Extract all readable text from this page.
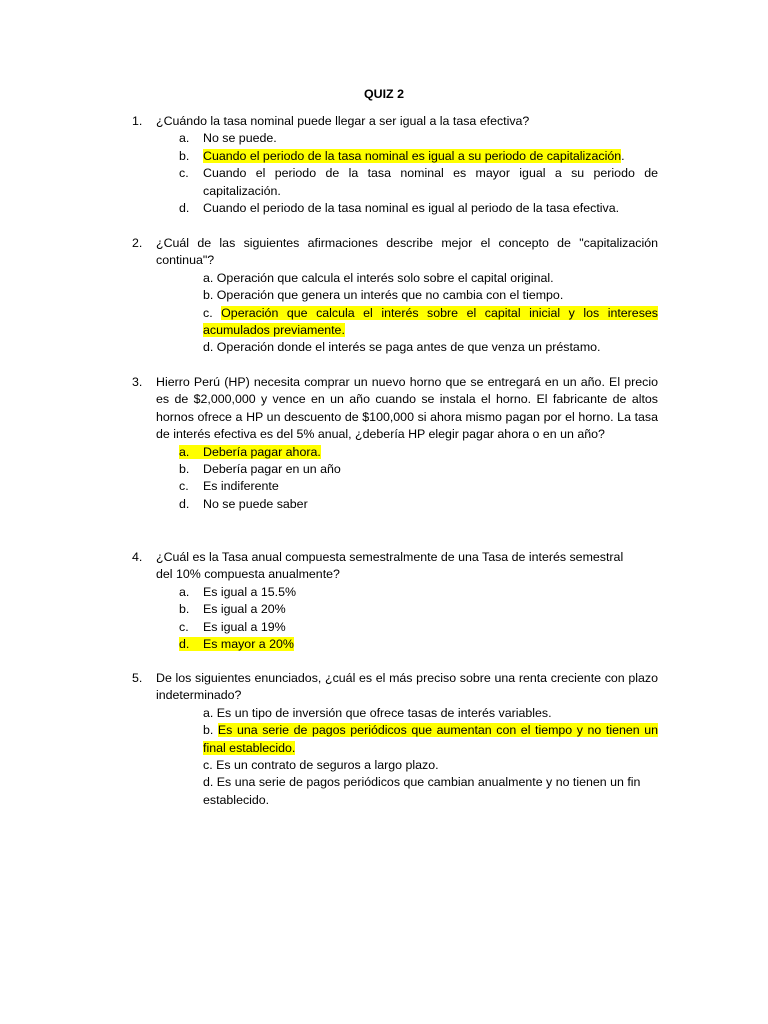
QUIZ 2
1. ¿Cuándo la tasa nominal puede llegar a ser igual a la tasa efectiva?
a. No se puede.
b. Cuando el periodo de la tasa nominal es igual a su periodo de capitalización.
c. Cuando el periodo de la tasa nominal es mayor igual a su periodo de capitalización.
d. Cuando el periodo de la tasa nominal es igual al periodo de la tasa efectiva.
2. ¿Cuál de las siguientes afirmaciones describe mejor el concepto de "capitalización continua"?
a. Operación que calcula el interés solo sobre el capital original.
b. Operación que genera un interés que no cambia con el tiempo.
c. Operación que calcula el interés sobre el capital inicial y los intereses acumulados previamente.
d. Operación donde el interés se paga antes de que venza un préstamo.
3. Hierro Perú (HP) necesita comprar un nuevo horno que se entregará en un año. El precio es de $2,000,000 y vence en un año cuando se instala el horno. El fabricante de altos hornos ofrece a HP un descuento de $100,000 si ahora mismo pagan por el horno. La tasa de interés efectiva es del 5% anual, ¿debería HP elegir pagar ahora o en un año?
a. Debería pagar ahora.
b. Debería pagar en un año
c. Es indiferente
d. No se puede saber
4. ¿Cuál es la Tasa anual compuesta semestralmente de una Tasa de interés semestral
del 10% compuesta anualmente?
a. Es igual a 15.5%
b. Es igual a 20%
c. Es igual a 19%
d. Es mayor a 20%
5. De los siguientes enunciados, ¿cuál es el más preciso sobre una renta creciente con plazo indeterminado?
a. Es un tipo de inversión que ofrece tasas de interés variables.
b. Es una serie de pagos periódicos que aumentan con el tiempo y no tienen un final establecido.
c. Es un contrato de seguros a largo plazo.
d. Es una serie de pagos periódicos que cambian anualmente y no tienen un fin establecido.
